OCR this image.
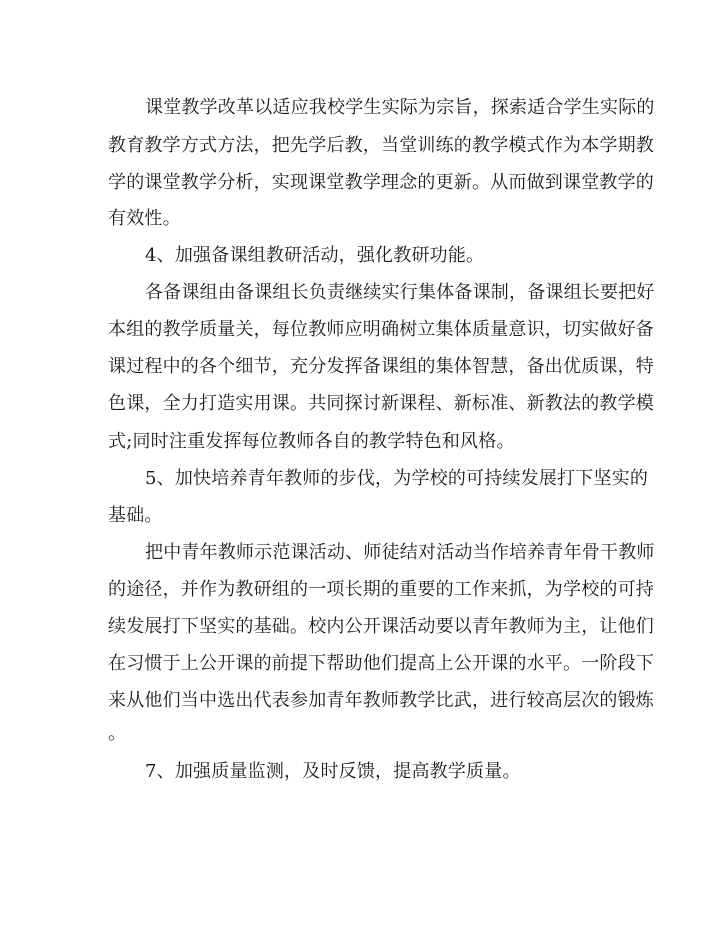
课堂教学改革以适应我校学生实际为宗旨，探索适合学生实际的
教育教学方式方法，把先学后教，当堂训练的教学模式作为本学期教
学的课堂教学分析，实现课堂教学理念的更新。从而做到课堂教学的
有效性。
4、加强备课组教研活动，强化教研功能。
各备课组由备课组长负责继续实行集体备课制，备课组长要把好
本组的教学质量关，每位教师应明确树立集体质量意识，切实做好备
课过程中的各个细节，充分发挥备课组的集体智慧，备出优质课，特
色课，全力打造实用课。共同探讨新课程、新标准、新教法的教学模
式;同时注重发挥每位教师各自的教学特色和风格。
5、加快培养青年教师的步伐，为学校的可持续发展打下坚实的
基础。
把中青年教师示范课活动、师徒结对活动当作培养青年骨干教师
的途径，并作为教研组的一项长期的重要的工作来抓，为学校的可持
续发展打下坚实的基础。校内公开课活动要以青年教师为主，让他们
在习惯于上公开课的前提下帮助他们提高上公开课的水平。一阶段下
来从他们当中选出代表参加青年教师教学比武，进行较高层次的锻炼
。
7、加强质量监测，及时反馈，提高教学质量。
